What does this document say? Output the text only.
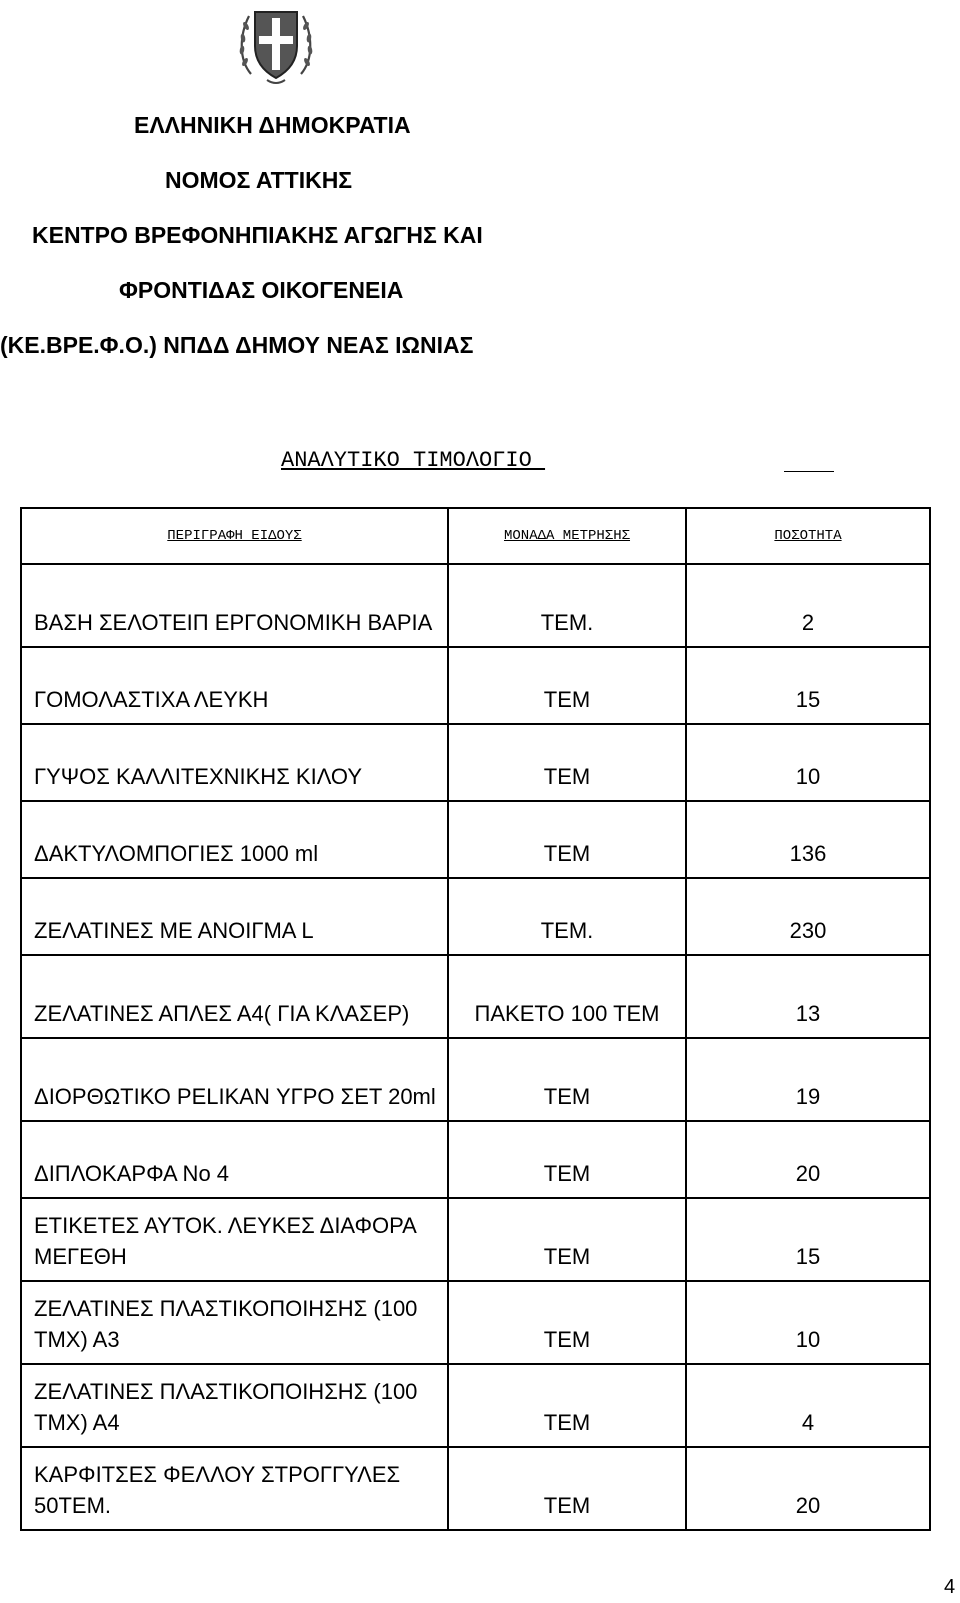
ΕΛΛΗΝΙΚΗ ΔΗΜΟΚΡΑΤΙΑ
ΝΟΜΟΣ ΑΤΤΙΚΗΣ
ΚΕΝΤΡΟ ΒΡΕΦΟΝΗΠΙΑΚΗΣ ΑΓΩΓΗΣ ΚΑΙ
ΦΡΟΝΤΙΔΑΣ ΟΙΚΟΓΕΝΕΙΑ
(ΚΕ.ΒΡΕ.Φ.Ο.) ΝΠΔΔ ΔΗΜΟΥ ΝΕΑΣ ΙΩΝΙΑΣ
ΑΝΑΛΥΤΙΚΟ ΤΙΜΟΛΟΓΙΟ
ΠΕΡΙΓΡΑΦΗ ΕΙΔΟΥΣ	ΜΟΝΑΔΑ ΜΕΤΡΗΣΗΣ	ΠΟΣΟΤΗΤΑ
ΒΑΣΗ ΣΕΛΟΤΕΙΠ ΕΡΓΟΝΟΜΙΚΗ ΒΑΡΙΑ	ΤΕΜ.	2
ΓΟΜΟΛΑΣΤΙΧΑ ΛΕΥΚΗ	ΤΕΜ	15
ΓΥΨΟΣ ΚΑΛΛΙΤΕΧΝΙΚΗΣ ΚΙΛΟΥ	ΤΕΜ	10
ΔΑΚΤΥΛΟΜΠΟΓΙΕΣ 1000 ml	ΤΕΜ	136
ΖΕΛΑΤΙΝΕΣ ΜΕ ΑΝΟΙΓΜΑ L	ΤΕΜ.	230
ΖΕΛΑΤΙΝΕΣ ΑΠΛΕΣ Α4( ΓΙΑ ΚΛΑΣΕΡ)	ΠΑΚΕΤΟ 100 ΤΕΜ	13
ΔΙΟΡΘΩΤΙΚΟ PELIKAN ΥΓΡΟ ΣΕΤ 20ml	ΤΕΜ	19
ΔΙΠΛΟΚΑΡΦΑ Νο 4	ΤΕΜ	20
ΕΤΙΚΕΤΕΣ ΑΥΤΟΚ. ΛΕΥΚΕΣ ΔΙΑΦΟΡΑ ΜΕΓΕΘΗ	ΤΕΜ	15
ΖΕΛΑΤΙΝΕΣ ΠΛΑΣΤΙΚΟΠΟΙΗΣΗΣ (100 ΤΜΧ) Α3	ΤΕΜ	10
ΖΕΛΑΤΙΝΕΣ ΠΛΑΣΤΙΚΟΠΟΙΗΣΗΣ (100 ΤΜΧ) Α4	ΤΕΜ	4
ΚΑΡΦΙΤΣΕΣ ΦΕΛΛΟΥ ΣΤΡΟΓΓΥΛΕΣ 50ΤΕΜ.	ΤΕΜ	20
4
